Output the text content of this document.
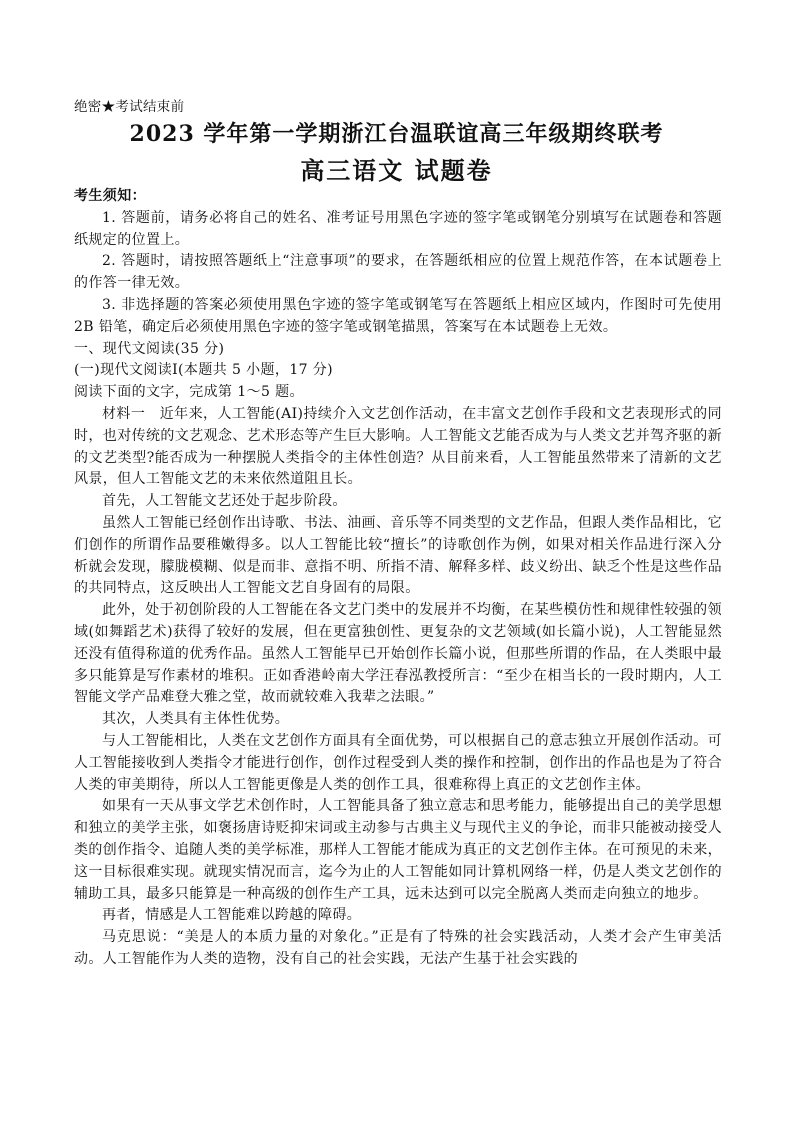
绝密★考试结束前
2023 学年第一学期浙江台温联谊高三年级期终联考
高三语文 试题卷

考生须知：

1. 答题前，请务必将自己的姓名、准考证号用黑色字迹的签字笔或钢笔分别填写在试题卷和答题纸规定的位置上。

2. 答题时，请按照答题纸上“注意事项”的要求，在答题纸相应的位置上规范作答，在本试题卷上的作答一律无效。

3. 非选择题的答案必须使用黑色字迹的签字笔或钢笔写在答题纸上相应区域内，作图时可先使用 2B 铅笔，确定后必须使用黑色字迹的签字笔或钢笔描黑，答案写在本试题卷上无效。

一、现代文阅读(35 分)

(一)现代文阅读Ⅰ(本题共 5 小题，17 分)

阅读下面的文字，完成第 1～5 题。

材料一　近年来，人工智能(AI)持续介入文艺创作活动，在丰富文艺创作手段和文艺表现形式的同时，也对传统的文艺观念、艺术形态等产生巨大影响。人工智能文艺能否成为与人类文艺并驾齐驱的新的文艺类型?能否成为一种摆脱人类指令的主体性创造？从目前来看，人工智能虽然带来了清新的文艺风景，但人工智能文艺的未来依然道阻且长。

首先，人工智能文艺还处于起步阶段。

虽然人工智能已经创作出诗歌、书法、油画、音乐等不同类型的文艺作品，但跟人类作品相比，它们创作的所谓作品要稚嫩得多。以人工智能比较“擅长”的诗歌创作为例，如果对相关作品进行深入分析就会发现，朦胧模糊、似是而非、意指不明、所指不清、解释多样、歧义纷出、缺乏个性是这些作品的共同特点，这反映出人工智能文艺自身固有的局限。

此外，处于初创阶段的人工智能在各文艺门类中的发展并不均衡，在某些模仿性和规律性较强的领域(如舞蹈艺术)获得了较好的发展，但在更富独创性、更复杂的文艺领域(如长篇小说)，人工智能显然还没有值得称道的优秀作品。虽然人工智能早已开始创作长篇小说，但那些所谓的作品，在人类眼中最多只能算是写作素材的堆积。正如香港岭南大学汪春泓教授所言：“至少在相当长的一段时期内，人工智能文学产品难登大雅之堂，故而就较难入我辈之法眼。”

其次，人类具有主体性优势。

与人工智能相比，人类在文艺创作方面具有全面优势，可以根据自己的意志独立开展创作活动。可人工智能接收到人类指令才能进行创作，创作过程受到人类的操作和控制，创作出的作品也是为了符合人类的审美期待，所以人工智能更像是人类的创作工具，很难称得上真正的文艺创作主体。

如果有一天从事文学艺术创作时，人工智能具备了独立意志和思考能力，能够提出自己的美学思想和独立的美学主张，如褒扬唐诗贬抑宋词或主动参与古典主义与现代主义的争论，而非只能被动接受人类的创作指令、追随人类的美学标准，那样人工智能才能成为真正的文艺创作主体。在可预见的未来，这一目标很难实现。就现实情况而言，迄今为止的人工智能如同计算机网络一样，仍是人类文艺创作的辅助工具，最多只能算是一种高级的创作生产工具，远未达到可以完全脱离人类而走向独立的地步。

再者，情感是人工智能难以跨越的障碍。

马克思说：“美是人的本质力量的对象化。”正是有了特殊的社会实践活动，人类才会产生审美活动。人工智能作为人类的造物，没有自己的社会实践，无法产生基于社会实践的
